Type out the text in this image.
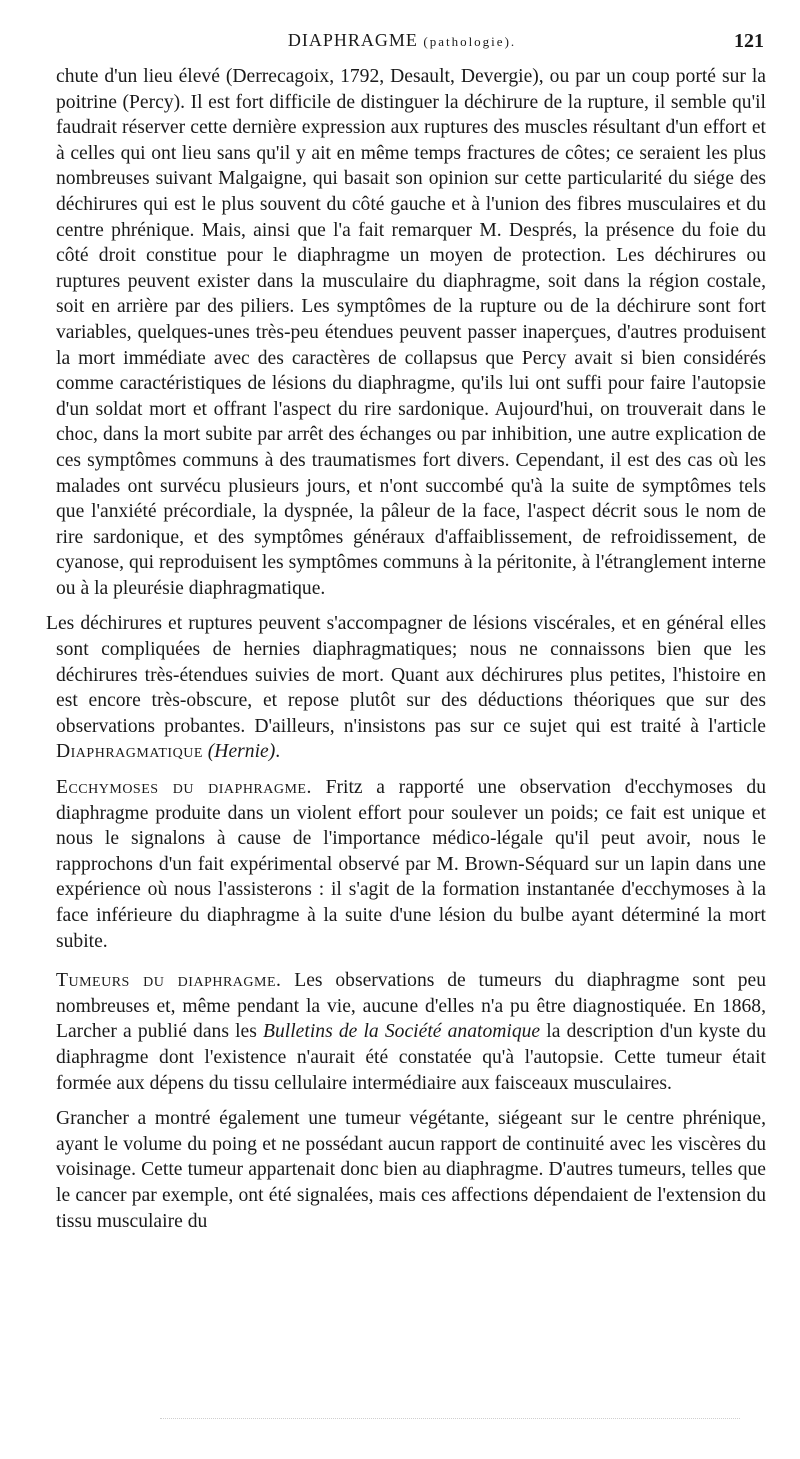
DIAPHRAGME (pathologie).	121

chute d'un lieu élevé (Derrecagoix, 1792, Desault, Devergie), ou par un coup porté sur la poitrine (Percy). Il est fort difficile de distinguer la déchirure de la rupture, il semble qu'il faudrait réserver cette dernière expression aux ruptures des muscles résultant d'un effort et à celles qui ont lieu sans qu'il y ait en même temps fractures de côtes; ce seraient les plus nombreuses suivant Malgaigne, qui basait son opinion sur cette particularité du siége des déchirures qui est le plus souvent du côté gauche et à l'union des fibres musculaires et du centre phrénique. Mais, ainsi que l'a fait remarquer M. Després, la présence du foie du côté droit constitue pour le diaphragme un moyen de protection. Les déchirures ou ruptures peuvent exister dans la musculaire du diaphragme, soit dans la région costale, soit en arrière par des piliers. Les symptômes de la rupture ou de la déchirure sont fort variables, quelques-unes très-peu étendues peuvent passer inaperçues, d'autres produisent la mort immédiate avec des caractères de collapsus que Percy avait si bien considérés comme caractéristiques de lésions du diaphragme, qu'ils lui ont suffi pour faire l'autopsie d'un soldat mort et offrant l'aspect du rire sardonique. Aujourd'hui, on trouverait dans le choc, dans la mort subite par arrêt des échanges ou par inhibition, une autre explication de ces symptômes communs à des traumatismes fort divers. Cependant, il est des cas où les malades ont survécu plusieurs jours, et n'ont succombé qu'à la suite de symptômes tels que l'anxiété précordiale, la dyspnée, la pâleur de la face, l'aspect décrit sous le nom de rire sardonique, et des symptômes généraux d'affaiblissement, de refroidissement, de cyanose, qui reproduisent les symptômes communs à la péritonite, à l'étranglement interne ou à la pleurésie diaphragmatique.

Les déchirures et ruptures peuvent s'accompagner de lésions viscérales, et en général elles sont compliquées de hernies diaphragmatiques; nous ne connaissons bien que les déchirures très-étendues suivies de mort. Quant aux déchirures plus petites, l'histoire en est encore très-obscure, et repose plutôt sur des déductions théoriques que sur des observations probantes. D'ailleurs, n'insistons pas sur ce sujet qui est traité à l'article Diaphragmatique (Hernie).

Ecchymoses du diaphragme. Fritz a rapporté une observation d'ecchymoses du diaphragme produite dans un violent effort pour soulever un poids; ce fait est unique et nous le signalons à cause de l'importance médico-légale qu'il peut avoir, nous le rapprochons d'un fait expérimental observé par M. Brown-Séquard sur un lapin dans une expérience où nous l'assisterons : il s'agit de la formation instantanée d'ecchymoses à la face inférieure du diaphragme à la suite d'une lésion du bulbe ayant déterminé la mort subite.

Tumeurs du diaphragme. Les observations de tumeurs du diaphragme sont peu nombreuses et, même pendant la vie, aucune d'elles n'a pu être diagnostiquée. En 1868, Larcher a publié dans les Bulletins de la Société anatomique la description d'un kyste du diaphragme dont l'existence n'aurait été constatée qu'à l'autopsie. Cette tumeur était formée aux dépens du tissu cellulaire intermédiaire aux faisceaux musculaires.

Grancher a montré également une tumeur végétante, siégeant sur le centre phrénique, ayant le volume du poing et ne possédant aucun rapport de continuité avec les viscères du voisinage. Cette tumeur appartenait donc bien au diaphragme. D'autres tumeurs, telles que le cancer par exemple, ont été signalées, mais ces affections dépendaient de l'extension du tissu musculaire du
